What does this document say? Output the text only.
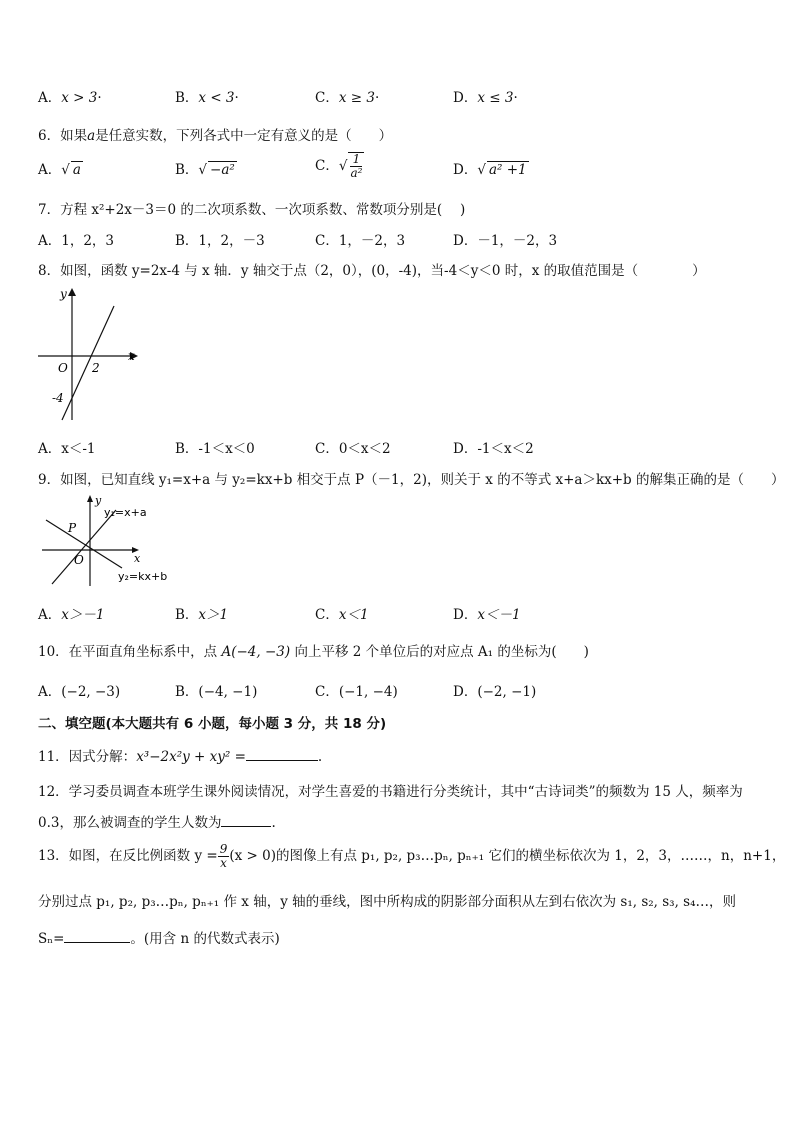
A．x > 3·	B．x < 3·	C．x ≥ 3·	D．x ≤ 3·
6．如果a是任意实数，下列各式中一定有意义的是（　　）
A．√ a	B．√ −a²	C．√ $\frac{1}{\text{a²}}$	D．√ a² +1
7．方程 x²+2x－3＝0 的二次项系数、一次项系数、常数项分别是(　 )
A．1，2，3	B．1，2，－3	C．1，－2，3	D．－1，－2，3
8．如图，函数 y=2x-4 与 x 轴．y 轴交于点（2，0），(0，-4)，当-4＜y＜0 时，x 的取值范围是（　　　　）
y
x
O 2
-4
A．x＜-1	B．-1＜x＜0	C．0＜x＜2	D．-1＜x＜2
9．如图，已知直线 y₁=x+a 与 y₂=kx+b 相交于点 P（－1，2)，则关于 x 的不等式 x+a＞kx+b 的解集正确的是（　　）
y
x
O
P
y₁=x+a
y₂=kx+b
A．x＞－1	B．x＞1	C．x＜1	D．x＜－1
10．在平面直角坐标系中，点 A(−4, −3) 向上平移 2 个单位后的对应点 A₁ 的坐标为(　　)
A．(−2, −3)	B．(−4, −1)	C．(−1, −4)	D．(−2, −1)
二、填空题(本大题共有 6 小题，每小题 3 分，共 18 分)
11．因式分解：x³−2x²y + xy² =	.
12．学习委员调查本班学生课外阅读情况，对学生喜爱的书籍进行分类统计，其中“古诗词类”的频数为 15 人，频率为
0.3，那么被调查的学生人数为	.
13．如图，在反比例函数 $y = \frac{9}{x} (x > 0)$的图像上有点 p₁, p₂, p₃…pₙ, pₙ₊₁ 它们的横坐标依次为 1，2，3，……，n，n+1，
分别过点 p₁, p₂, p₃…pₙ, pₙ₊₁ 作 x 轴，y 轴的垂线，图中所构成的阴影部分面积从左到右依次为 s₁, s₂, s₃, s₄…，则
Sₙ=	。(用含 n 的代数式表示)
